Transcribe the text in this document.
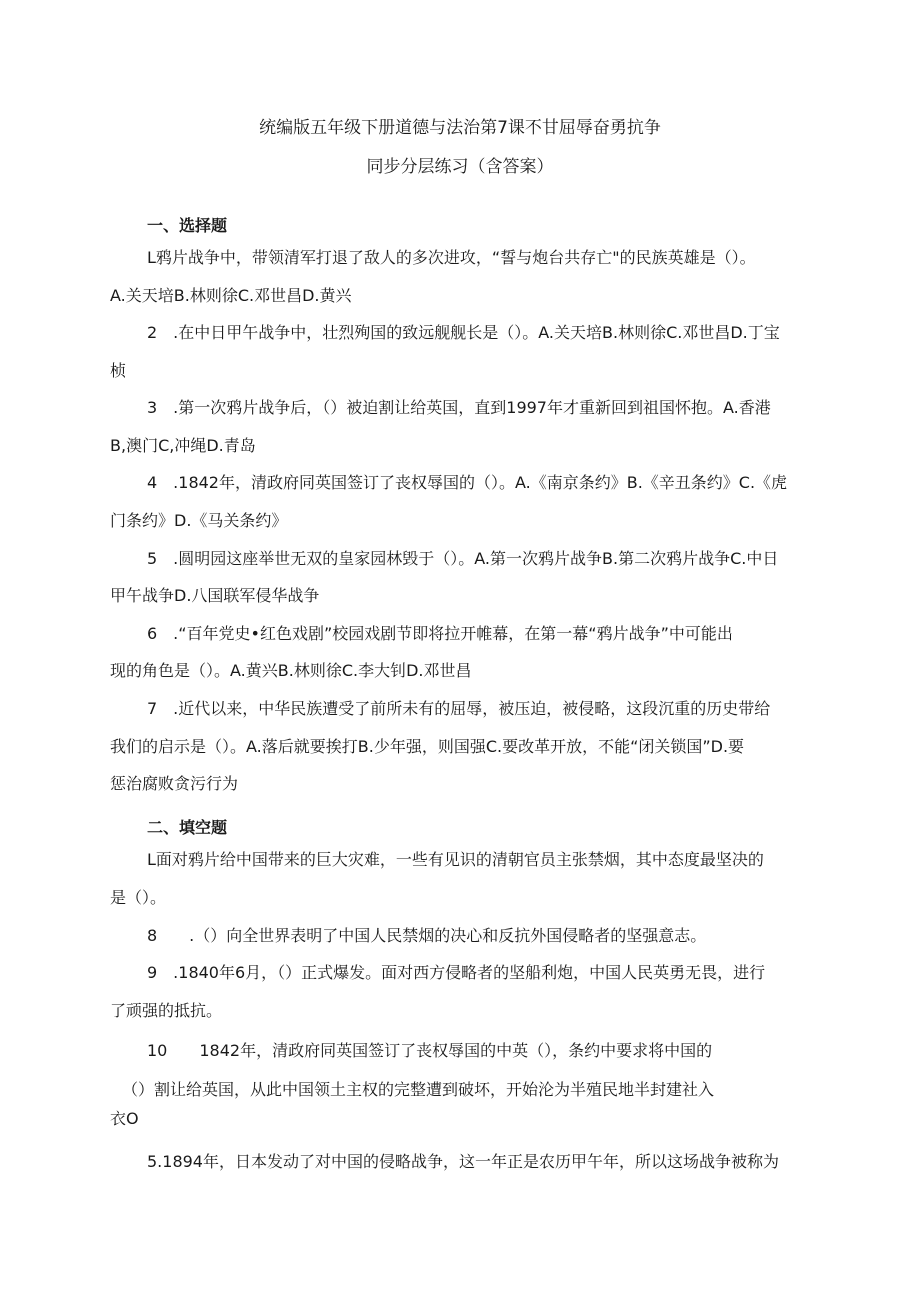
统编版五年级下册道德与法治第7课不甘屈辱奋勇抗争
同步分层练习（含答案）
一、选择题

L鸦片战争中，带领清军打退了敌人的多次进攻，“誓与炮台共存亡"的民族英雄是（）。

A.关天培B.林则徐C.邓世昌D.黄兴

2　.在中日甲午战争中，壮烈殉国的致远舰舰长是（）。A.关天培B.林则徐C.邓世昌D.丁宝

桢

3　.第一次鸦片战争后，（）被迫割让给英国，直到1997年才重新回到祖国怀抱。A.香港

B,澳门C,冲绳D.青岛

4　.1842年，清政府同英国签订了丧权辱国的（）。A.《南京条约》B.《辛丑条约》C.《虎

门条约》D.《马关条约》

5　.圆明园这座举世无双的皇家园林毁于（）。A.第一次鸦片战争B.第二次鸦片战争C.中日

甲午战争D.八国联军侵华战争

6　.“百年党史•红色戏剧”校园戏剧节即将拉开帷幕，在第一幕“鸦片战争”中可能出

现的角色是（）。A.黄兴B.林则徐C.李大钊D.邓世昌

7　.近代以来，中华民族遭受了前所未有的屈辱，被压迫，被侵略，这段沉重的历史带给

我们的启示是（）。A.落后就要挨打B.少年强，则国强C.要改革开放，不能“闭关锁国”D.要

惩治腐败贪污行为

二、填空题

L面对鸦片给中国带来的巨大灾难，一些有见识的清朝官员主张禁烟，其中态度最坚决的

是（）。

8　　.（）向全世界表明了中国人民禁烟的决心和反抗外国侵略者的坚强意志。

9　.1840年6月，（）正式爆发。面对西方侵略者的坚船利炮，中国人民英勇无畏，进行

了顽强的抵抗。

10　　1842年，清政府同英国签订了丧权辱国的中英（），条约中要求将中国的

（）割让给英国，从此中国领土主权的完整遭到破坏，开始沦为半殖民地半封建社入

衣O

5.1894年，日本发动了对中国的侵略战争，这一年正是农历甲午年，所以这场战争被称为
